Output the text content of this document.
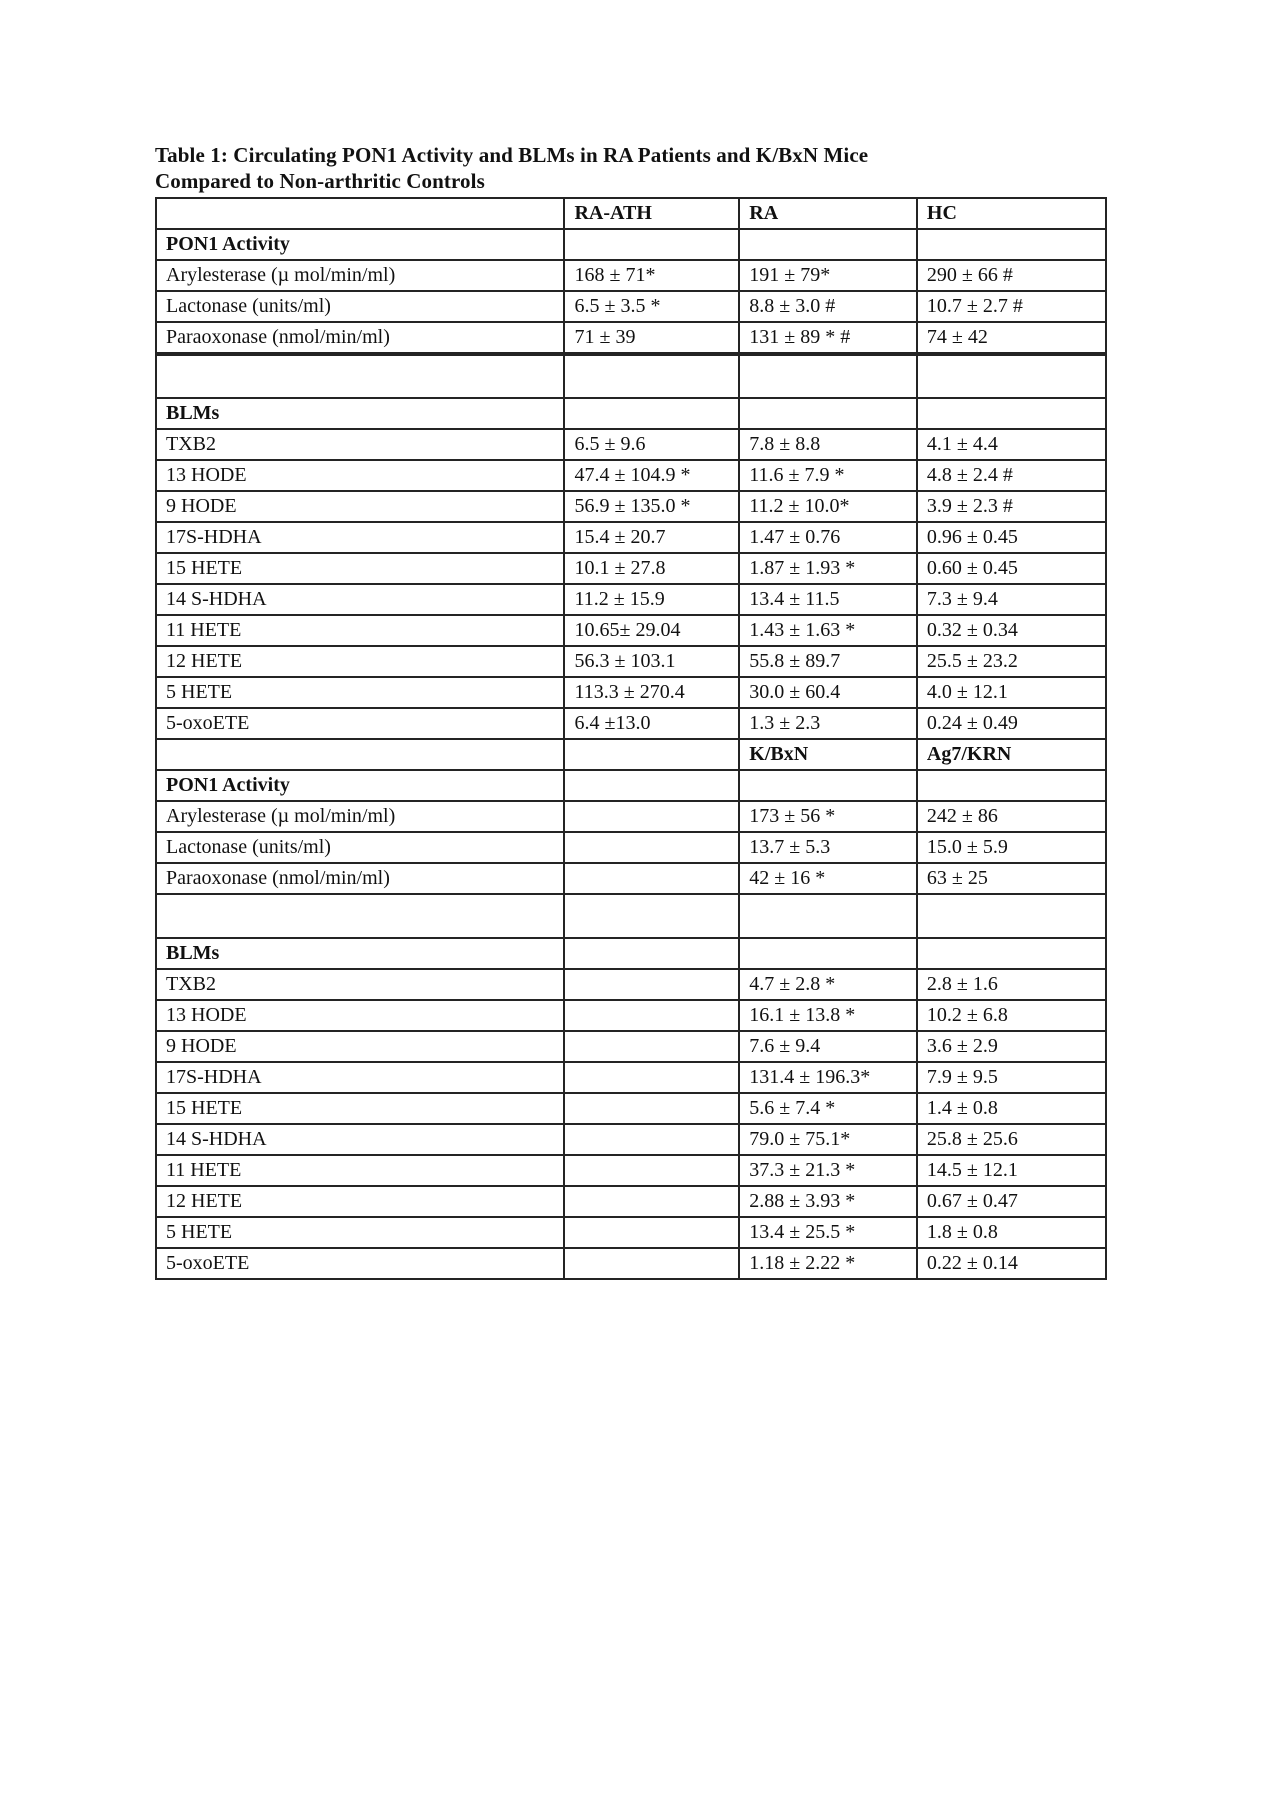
Table 1: Circulating PON1 Activity and BLMs in RA Patients and K/BxN Mice
Compared to Non-arthritic Controls
	RA-ATH	RA	HC
PON1 Activity			
Arylesterase (µ mol/min/ml)	168 ± 71*	191 ± 79*	290 ± 66 #
Lactonase (units/ml)	6.5 ± 3.5 *	8.8 ± 3.0 #	10.7 ± 2.7 #
Paraoxonase (nmol/min/ml)	71 ± 39	131 ± 89 * #	74 ± 42

BLMs			
TXB2	6.5 ± 9.6	7.8 ± 8.8	4.1 ± 4.4
13 HODE	47.4 ± 104.9 *	11.6 ± 7.9 *	4.8 ± 2.4 #
9 HODE	56.9 ± 135.0 *	11.2 ± 10.0*	3.9 ± 2.3 #
17S-HDHA	15.4 ± 20.7	1.47 ± 0.76	0.96 ± 0.45
15 HETE	10.1 ± 27.8	1.87 ± 1.93 *	0.60 ± 0.45
14 S-HDHA	11.2 ± 15.9	13.4 ± 11.5	7.3 ± 9.4
11 HETE	10.65± 29.04	1.43 ± 1.63 *	0.32 ± 0.34
12 HETE	56.3 ± 103.1	55.8 ± 89.7	25.5 ± 23.2
5 HETE	113.3 ± 270.4	30.0 ± 60.4	4.0 ± 12.1
5-oxoETE	6.4 ±13.0	1.3 ± 2.3	0.24 ± 0.49
		K/BxN	Ag7/KRN
PON1 Activity			
Arylesterase (µ mol/min/ml)		173 ± 56 *	242 ± 86
Lactonase (units/ml)		13.7 ± 5.3	15.0 ± 5.9
Paraoxonase (nmol/min/ml)		42 ± 16 *	63 ± 25

BLMs			
TXB2		4.7 ± 2.8 *	2.8 ± 1.6
13 HODE		16.1 ± 13.8 *	10.2 ± 6.8
9 HODE		7.6 ± 9.4	3.6 ± 2.9
17S-HDHA		131.4 ± 196.3*	7.9 ± 9.5
15 HETE		5.6 ± 7.4 *	1.4 ± 0.8
14 S-HDHA		79.0 ± 75.1*	25.8 ± 25.6
11 HETE		37.3 ± 21.3 *	14.5 ± 12.1
12 HETE		2.88 ± 3.93 *	0.67 ± 0.47
5 HETE		13.4 ± 25.5 *	1.8 ± 0.8
5-oxoETE		1.18 ± 2.22 *	0.22 ± 0.14
